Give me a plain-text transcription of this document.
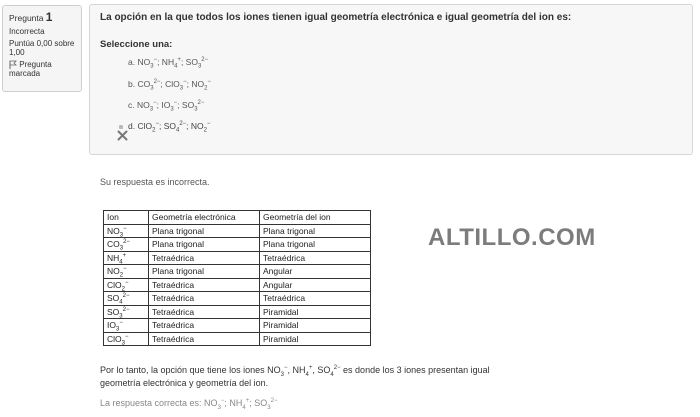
Pregunta 1
Incorrecta
Puntúa 0,00 sobre 1,00
Pregunta marcada
La opción en la que todos los iones tienen igual geometría electrónica e igual geometría del ion es:
Seleccione una:
a. $NO_3^-$; $NH_4^+$; $SO_3^{2-}$
b. $CO_3^{2-}$; ClO$_3$−; $NO_2^-$
c. $NO_3^-$; $IO_3^-$; $SO_3^{2-}$
d. ClO$_2$−; $SO_4^{2-}$; $NO_2^-$
Su respuesta es incorrecta.
Ion	Geometría electrónica	Geometría del ion
$NO_3^-$	Plana trigonal	Plana trigonal
$CO_3^{2-}$	Plana trigonal	Plana trigonal
$NH_4^+$	Tetraédrica	Tetraédrica
$NO_2^-$	Plana trigonal	Angular
ClO$_2$−	Tetraédrica	Angular
$SO_4^{2-}$	Tetraédrica	Tetraédrica
$SO_3^{2-}$	Tetraédrica	Piramidal
$IO_3^-$	Tetraédrica	Piramidal
ClO$_3$−	Tetraédrica	Piramidal
ALTILLO.COM
Por lo tanto, la opción que tiene los iones $NO_3^-$, $NH_4^+$, $SO_4^{2-}$ es donde los 3 iones presentan igual geometría electrónica y geometría del ion.
La respuesta correcta es: $NO_3^-$; $NH_4^+$; $SO_3^{2-}$
